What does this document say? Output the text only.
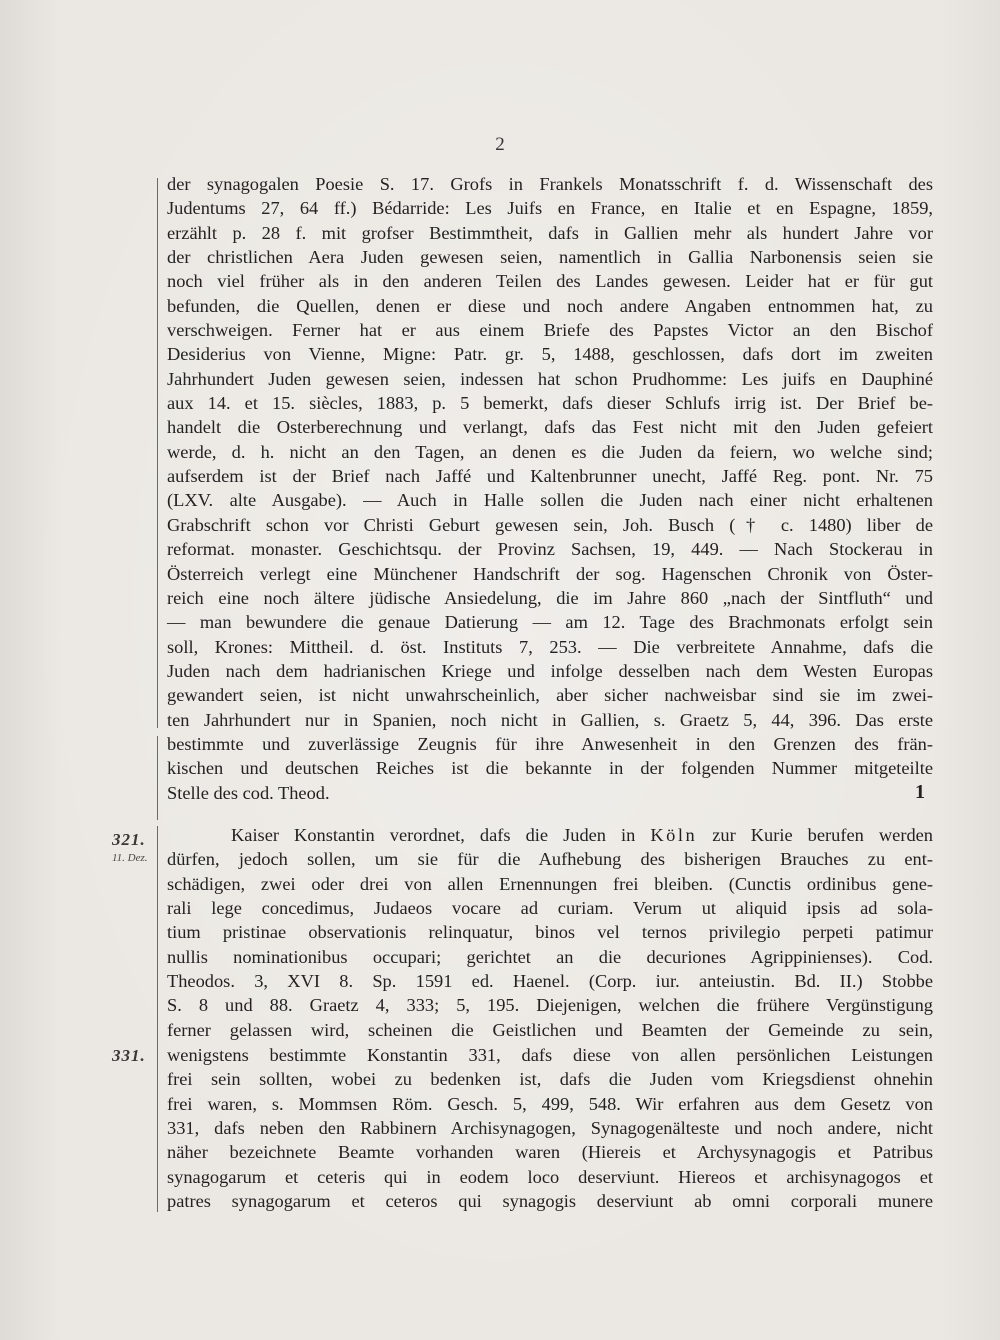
2
der synagogalen Poesie S. 17. Grofs in Frankels Monatsschrift f. d. Wissenschaft des
Judentums 27, 64 ff.) Bédarride: Les Juifs en France, en Italie et en Espagne, 1859,
erzählt p. 28 f. mit grofser Bestimmtheit, dafs in Gallien mehr als hundert Jahre vor
der christlichen Aera Juden gewesen seien, namentlich in Gallia Narbonensis seien sie
noch viel früher als in den anderen Teilen des Landes gewesen. Leider hat er für gut
befunden, die Quellen, denen er diese und noch andere Angaben entnommen hat, zu
verschweigen. Ferner hat er aus einem Briefe des Papstes Victor an den Bischof
Desiderius von Vienne, Migne: Patr. gr. 5, 1488, geschlossen, dafs dort im zweiten
Jahrhundert Juden gewesen seien, indessen hat schon Prudhomme: Les juifs en Dauphiné
aux 14. et 15. siècles, 1883, p. 5 bemerkt, dafs dieser Schlufs irrig ist. Der Brief be-
handelt die Osterberechnung und verlangt, dafs das Fest nicht mit den Juden gefeiert
werde, d. h. nicht an den Tagen, an denen es die Juden da feiern, wo welche sind;
aufserdem ist der Brief nach Jaffé und Kaltenbrunner unecht, Jaffé Reg. pont. Nr. 75
(LXV. alte Ausgabe). — Auch in Halle sollen die Juden nach einer nicht erhaltenen
Grabschrift schon vor Christi Geburt gewesen sein, Joh. Busch († c. 1480) liber de
reformat. monaster. Geschichtsqu. der Provinz Sachsen, 19, 449. — Nach Stockerau in
Österreich verlegt eine Münchener Handschrift der sog. Hagenschen Chronik von Öster-
reich eine noch ältere jüdische Ansiedelung, die im Jahre 860 „nach der Sintfluth“ und
— man bewundere die genaue Datierung — am 12. Tage des Brachmonats erfolgt sein
soll, Krones: Mittheil. d. öst. Instituts 7, 253. — Die verbreitete Annahme, dafs die
Juden nach dem hadrianischen Kriege und infolge desselben nach dem Westen Europas
gewandert seien, ist nicht unwahrscheinlich, aber sicher nachweisbar sind sie im zwei-
ten Jahrhundert nur in Spanien, noch nicht in Gallien, s. Graetz 5, 44, 396. Das erste
bestimmte und zuverlässige Zeugnis für ihre Anwesenheit in den Grenzen des frän-
kischen und deutschen Reiches ist die bekannte in der folgenden Nummer mitgeteilte
Stelle des cod. Theod.	1
321.
11. Dez.
331.
Kaiser Konstantin verordnet, dafs die Juden in Köln zur Kurie berufen werden
dürfen, jedoch sollen, um sie für die Aufhebung des bisherigen Brauches zu ent-
schädigen, zwei oder drei von allen Ernennungen frei bleiben. (Cunctis ordinibus gene-
rali lege concedimus, Judaeos vocare ad curiam. Verum ut aliquid ipsis ad sola-
tium pristinae observationis relinquatur, binos vel ternos privilegio perpeti patimur
nullis nominationibus occupari; gerichtet an die decuriones Agrippinienses). Cod.
Theodos. 3, XVI 8. Sp. 1591 ed. Haenel. (Corp. iur. anteiustin. Bd. II.) Stobbe
S. 8 und 88. Graetz 4, 333; 5, 195. Diejenigen, welchen die frühere Vergünstigung
ferner gelassen wird, scheinen die Geistlichen und Beamten der Gemeinde zu sein,
wenigstens bestimmte Konstantin 331, dafs diese von allen persönlichen Leistungen
frei sein sollten, wobei zu bedenken ist, dafs die Juden vom Kriegsdienst ohnehin
frei waren, s. Mommsen Röm. Gesch. 5, 499, 548. Wir erfahren aus dem Gesetz von
331, dafs neben den Rabbinern Archisynagogen, Synagogenälteste und noch andere, nicht
näher bezeichnete Beamte vorhanden waren (Hiereis et Archysynagogis et Patribus
synagogarum et ceteris qui in eodem loco deserviunt. Hiereos et archisynagogos et
patres synagogarum et ceteros qui synagogis deserviunt ab omni corporali munere
